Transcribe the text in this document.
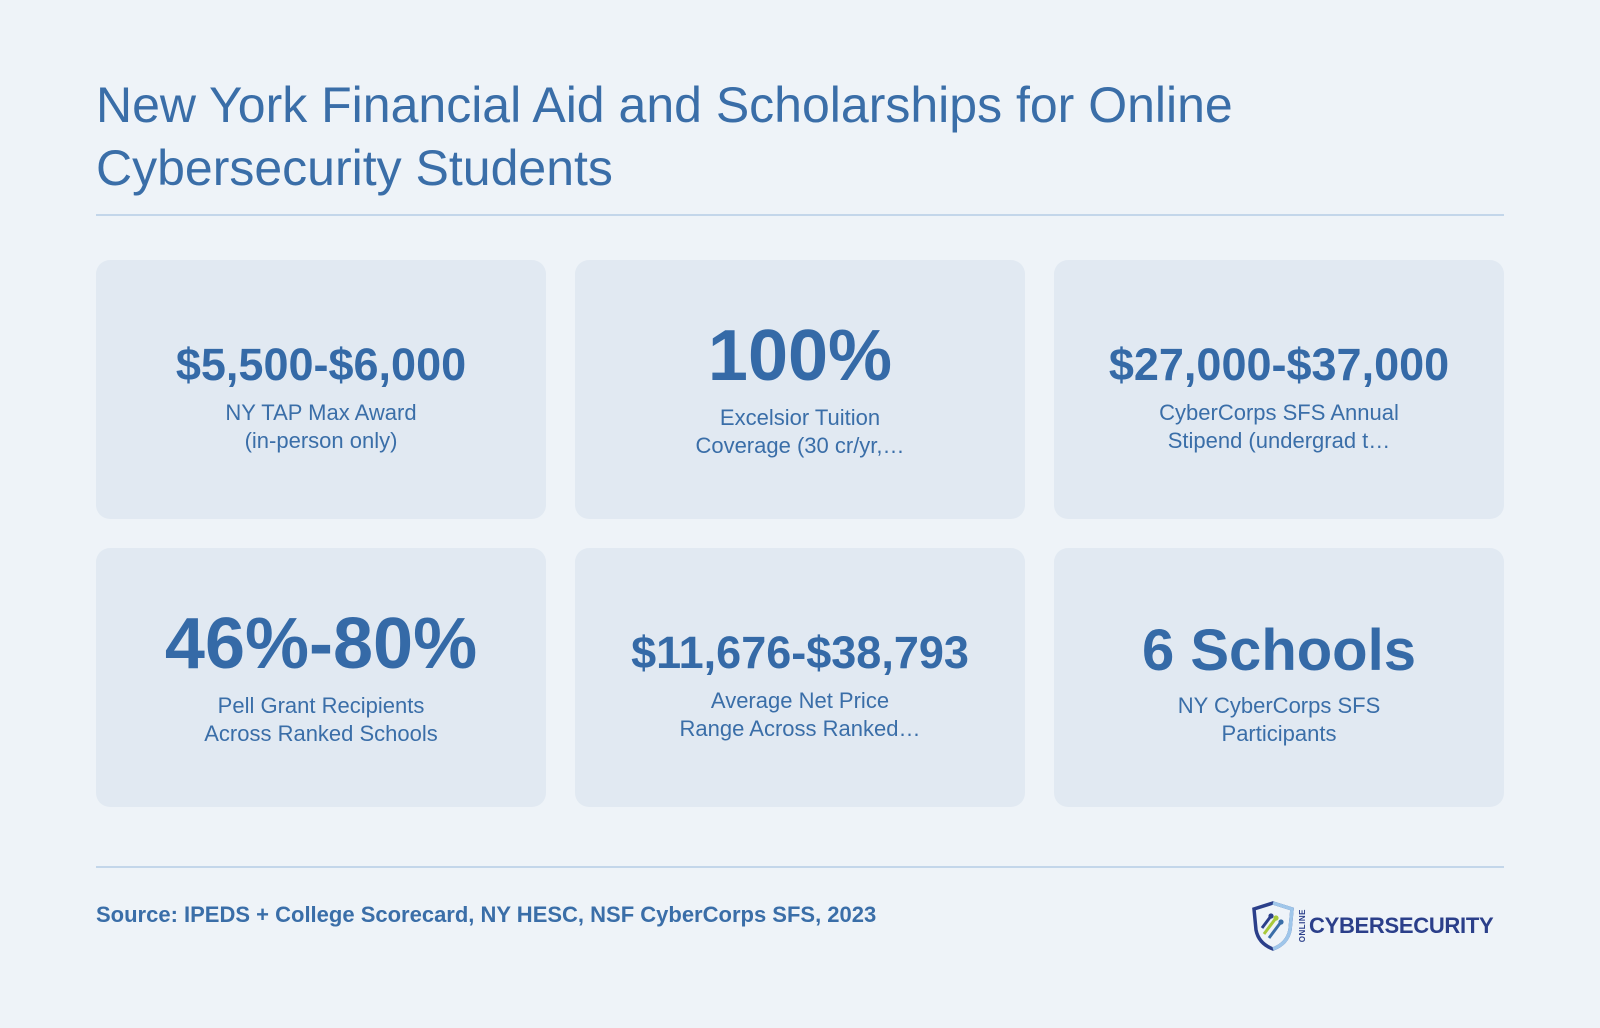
New York Financial Aid and Scholarships for Online Cybersecurity Students
$5,500-$6,000
NY TAP Max Award
(in-person only)
100%
Excelsior Tuition
Coverage (30 cr/yr,…
$27,000-$37,000
CyberCorps SFS Annual
Stipend (undergrad t…
46%-80%
Pell Grant Recipients
Across Ranked Schools
$11,676-$38,793
Average Net Price
Range Across Ranked…
6 Schools
NY CyberCorps SFS
Participants
Source: IPEDS + College Scorecard, NY HESC, NSF CyberCorps SFS, 2023	ONLINE CYBERSECURITY
